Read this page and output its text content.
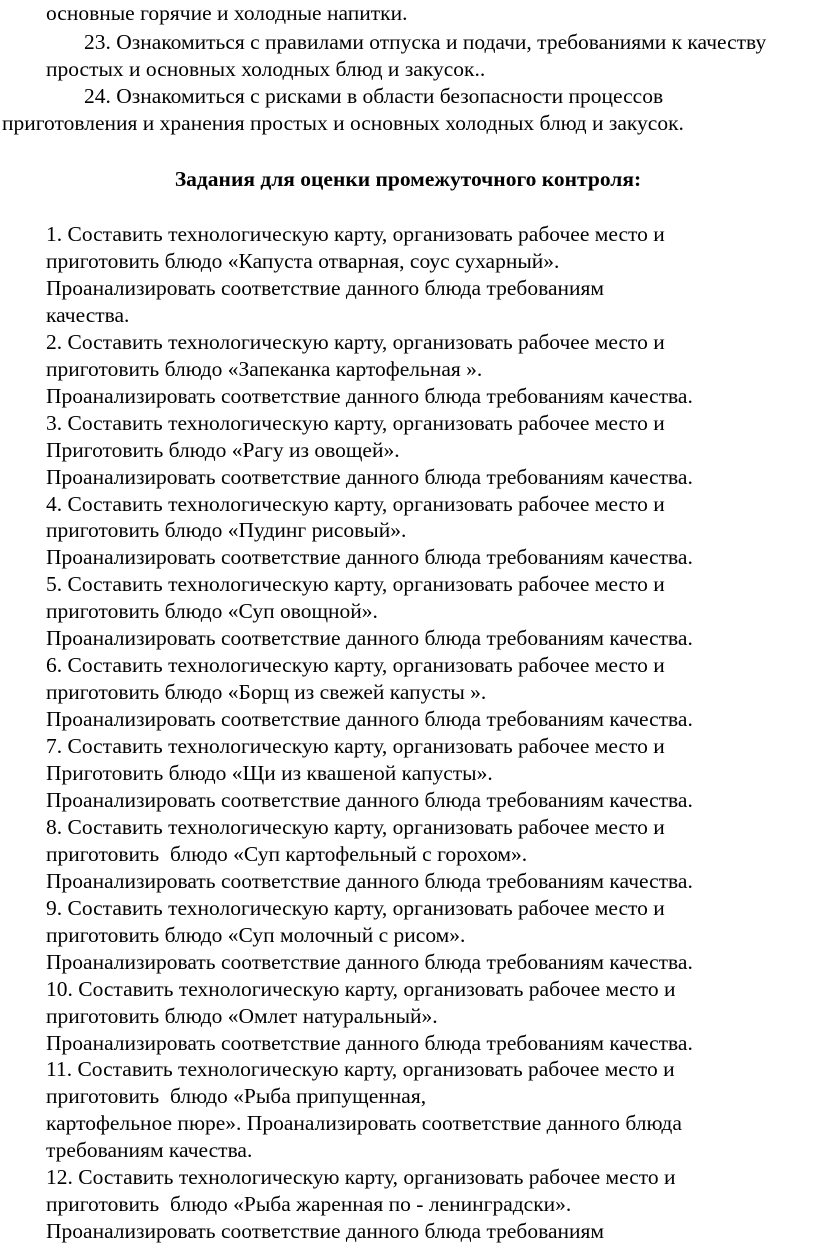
основные горячие и холодные напитки.
23. Ознакомиться с правилами отпуска и подачи, требованиями к качеству
простых и основных холодных блюд и закусок..
24. Ознакомиться с рисками в области безопасности процессов
приготовления и хранения простых и основных холодных блюд и закусок.
Задания для оценки промежуточного контроля:
1. Составить технологическую карту, организовать рабочее место и
приготовить блюдо «Капуста отварная, соус сухарный».
Проанализировать соответствие данного блюда требованиям
качества.
2. Составить технологическую карту, организовать рабочее место и
приготовить блюдо «Запеканка картофельная ».
Проанализировать соответствие данного блюда требованиям качества.
3. Составить технологическую карту, организовать рабочее место и
Приготовить блюдо «Рагу из овощей».
Проанализировать соответствие данного блюда требованиям качества.
4. Составить технологическую карту, организовать рабочее место и
приготовить блюдо «Пудинг рисовый».
Проанализировать соответствие данного блюда требованиям качества.
5. Составить технологическую карту, организовать рабочее место и
приготовить блюдо «Суп овощной».
Проанализировать соответствие данного блюда требованиям качества.
6. Составить технологическую карту, организовать рабочее место и
приготовить блюдо «Борщ из свежей капусты ».
Проанализировать соответствие данного блюда требованиям качества.
7. Составить технологическую карту, организовать рабочее место и
Приготовить блюдо «Щи из квашеной капусты».
Проанализировать соответствие данного блюда требованиям качества.
8. Составить технологическую карту, организовать рабочее место и
приготовить  блюдо «Суп картофельный с горохом».
Проанализировать соответствие данного блюда требованиям качества.
9. Составить технологическую карту, организовать рабочее место и
приготовить блюдо «Суп молочный с рисом».
Проанализировать соответствие данного блюда требованиям качества.
10. Составить технологическую карту, организовать рабочее место и
приготовить блюдо «Омлет натуральный».
Проанализировать соответствие данного блюда требованиям качества.
11. Составить технологическую карту, организовать рабочее место и
приготовить  блюдо «Рыба припущенная,
картофельное пюре». Проанализировать соответствие данного блюда
требованиям качества.
12. Составить технологическую карту, организовать рабочее место и
приготовить  блюдо «Рыба жаренная по - ленинградски».
Проанализировать соответствие данного блюда требованиям
